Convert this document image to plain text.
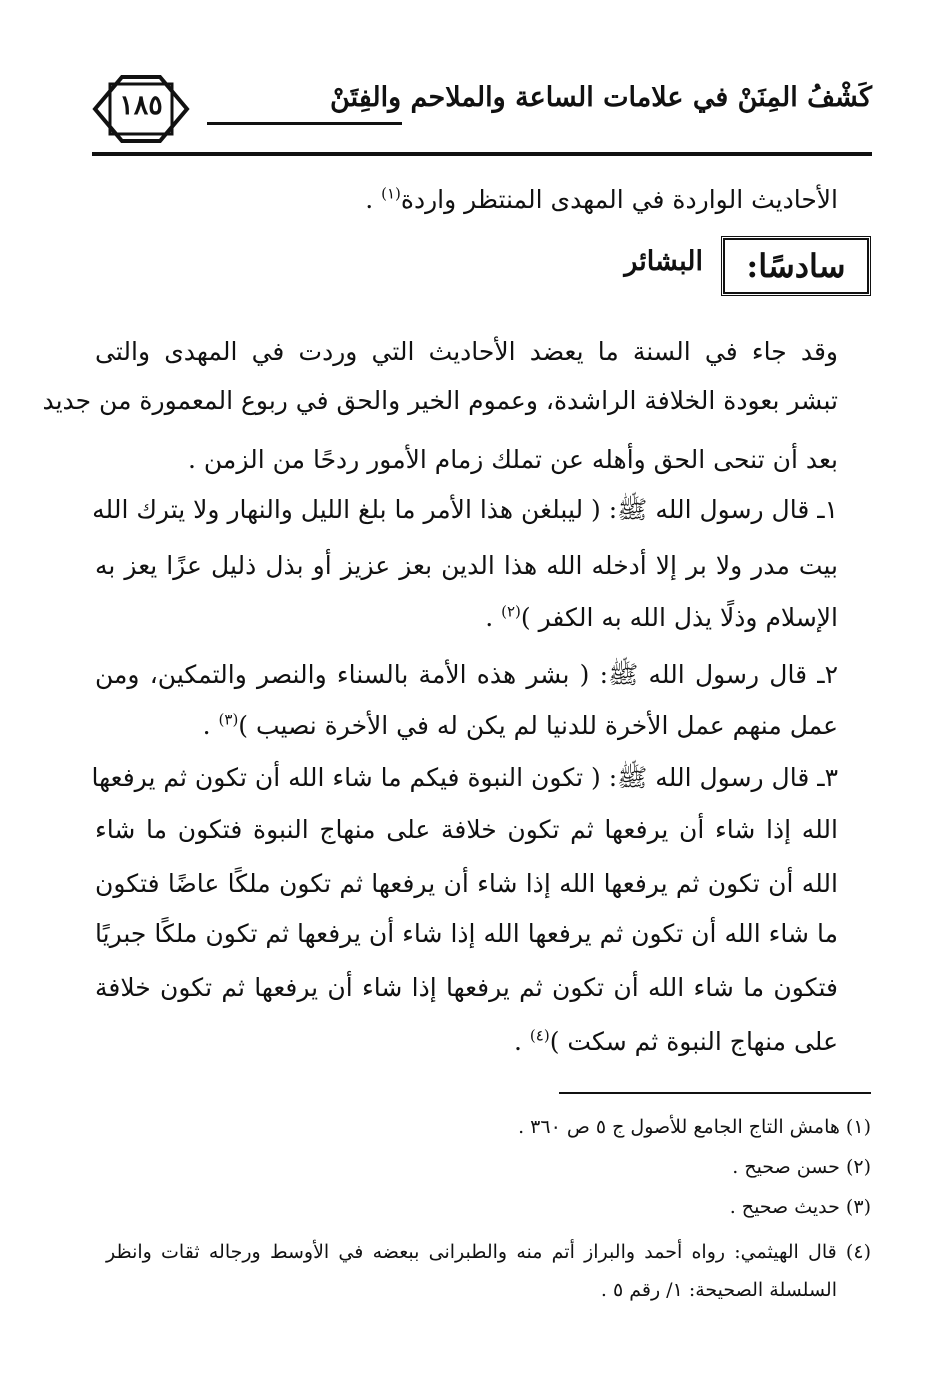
كَشْفُ المِنَنْ في علامات الساعة والملاحم والفِتَنْ
١٨٥
الأحاديث الواردة في المهدى المنتظر واردة$^{(١)}$ .
سادسًا:
البشائر
وقد جاء في السنة ما يعضد الأحاديث التي وردت في المهدى والتى
تبشر بعودة الخلافة الراشدة، وعموم الخير والحق في ربوع المعمورة من جديد
بعد أن تنحى الحق وأهله عن تملك زمام الأمور ردحًا من الزمن .
١ـ قال رسول الله ﷺ: ( ليبلغن هذا الأمر ما بلغ الليل والنهار ولا يترك الله
بيت مدر ولا بر إلا أدخله الله هذا الدين بعز عزيز أو بذل ذليل عزًا يعز به
الإسلام وذلًا يذل الله به الكفر )$^{(٢)}$ .
٢ـ قال رسول الله ﷺ: ( بشر هذه الأمة بالسناء والنصر والتمكين، ومن
عمل منهم عمل الأخرة للدنيا لم يكن له في الأخرة نصيب )$^{(٣)}$ .
٣ـ قال رسول الله ﷺ: ( تكون النبوة فيكم ما شاء الله أن تكون ثم يرفعها
الله إذا شاء أن يرفعها ثم تكون خلافة على منهاج النبوة فتكون ما شاء
الله أن تكون ثم يرفعها الله إذا شاء أن يرفعها ثم تكون ملكًا عاضًا فتكون
ما شاء الله أن تكون ثم يرفعها الله إذا شاء أن يرفعها ثم تكون ملكًا جبريًا
فتكون ما شاء الله أن تكون ثم يرفعها إذا شاء أن يرفعها ثم تكون خلافة
على منهاج النبوة ثم سكت )$^{(٤)}$ .
(١) هامش التاج الجامع للأصول ج ٥ ص ٣٦٠ .
(٢) حسن صحيح .
(٣) حديث صحيح .
(٤) قال الهيثمي: رواه أحمد والبراز أتم منه والطبرانى ببعضه في الأوسط ورجاله ثقات وانظر
السلسلة الصحيحة: ١/ رقم ٥ .
